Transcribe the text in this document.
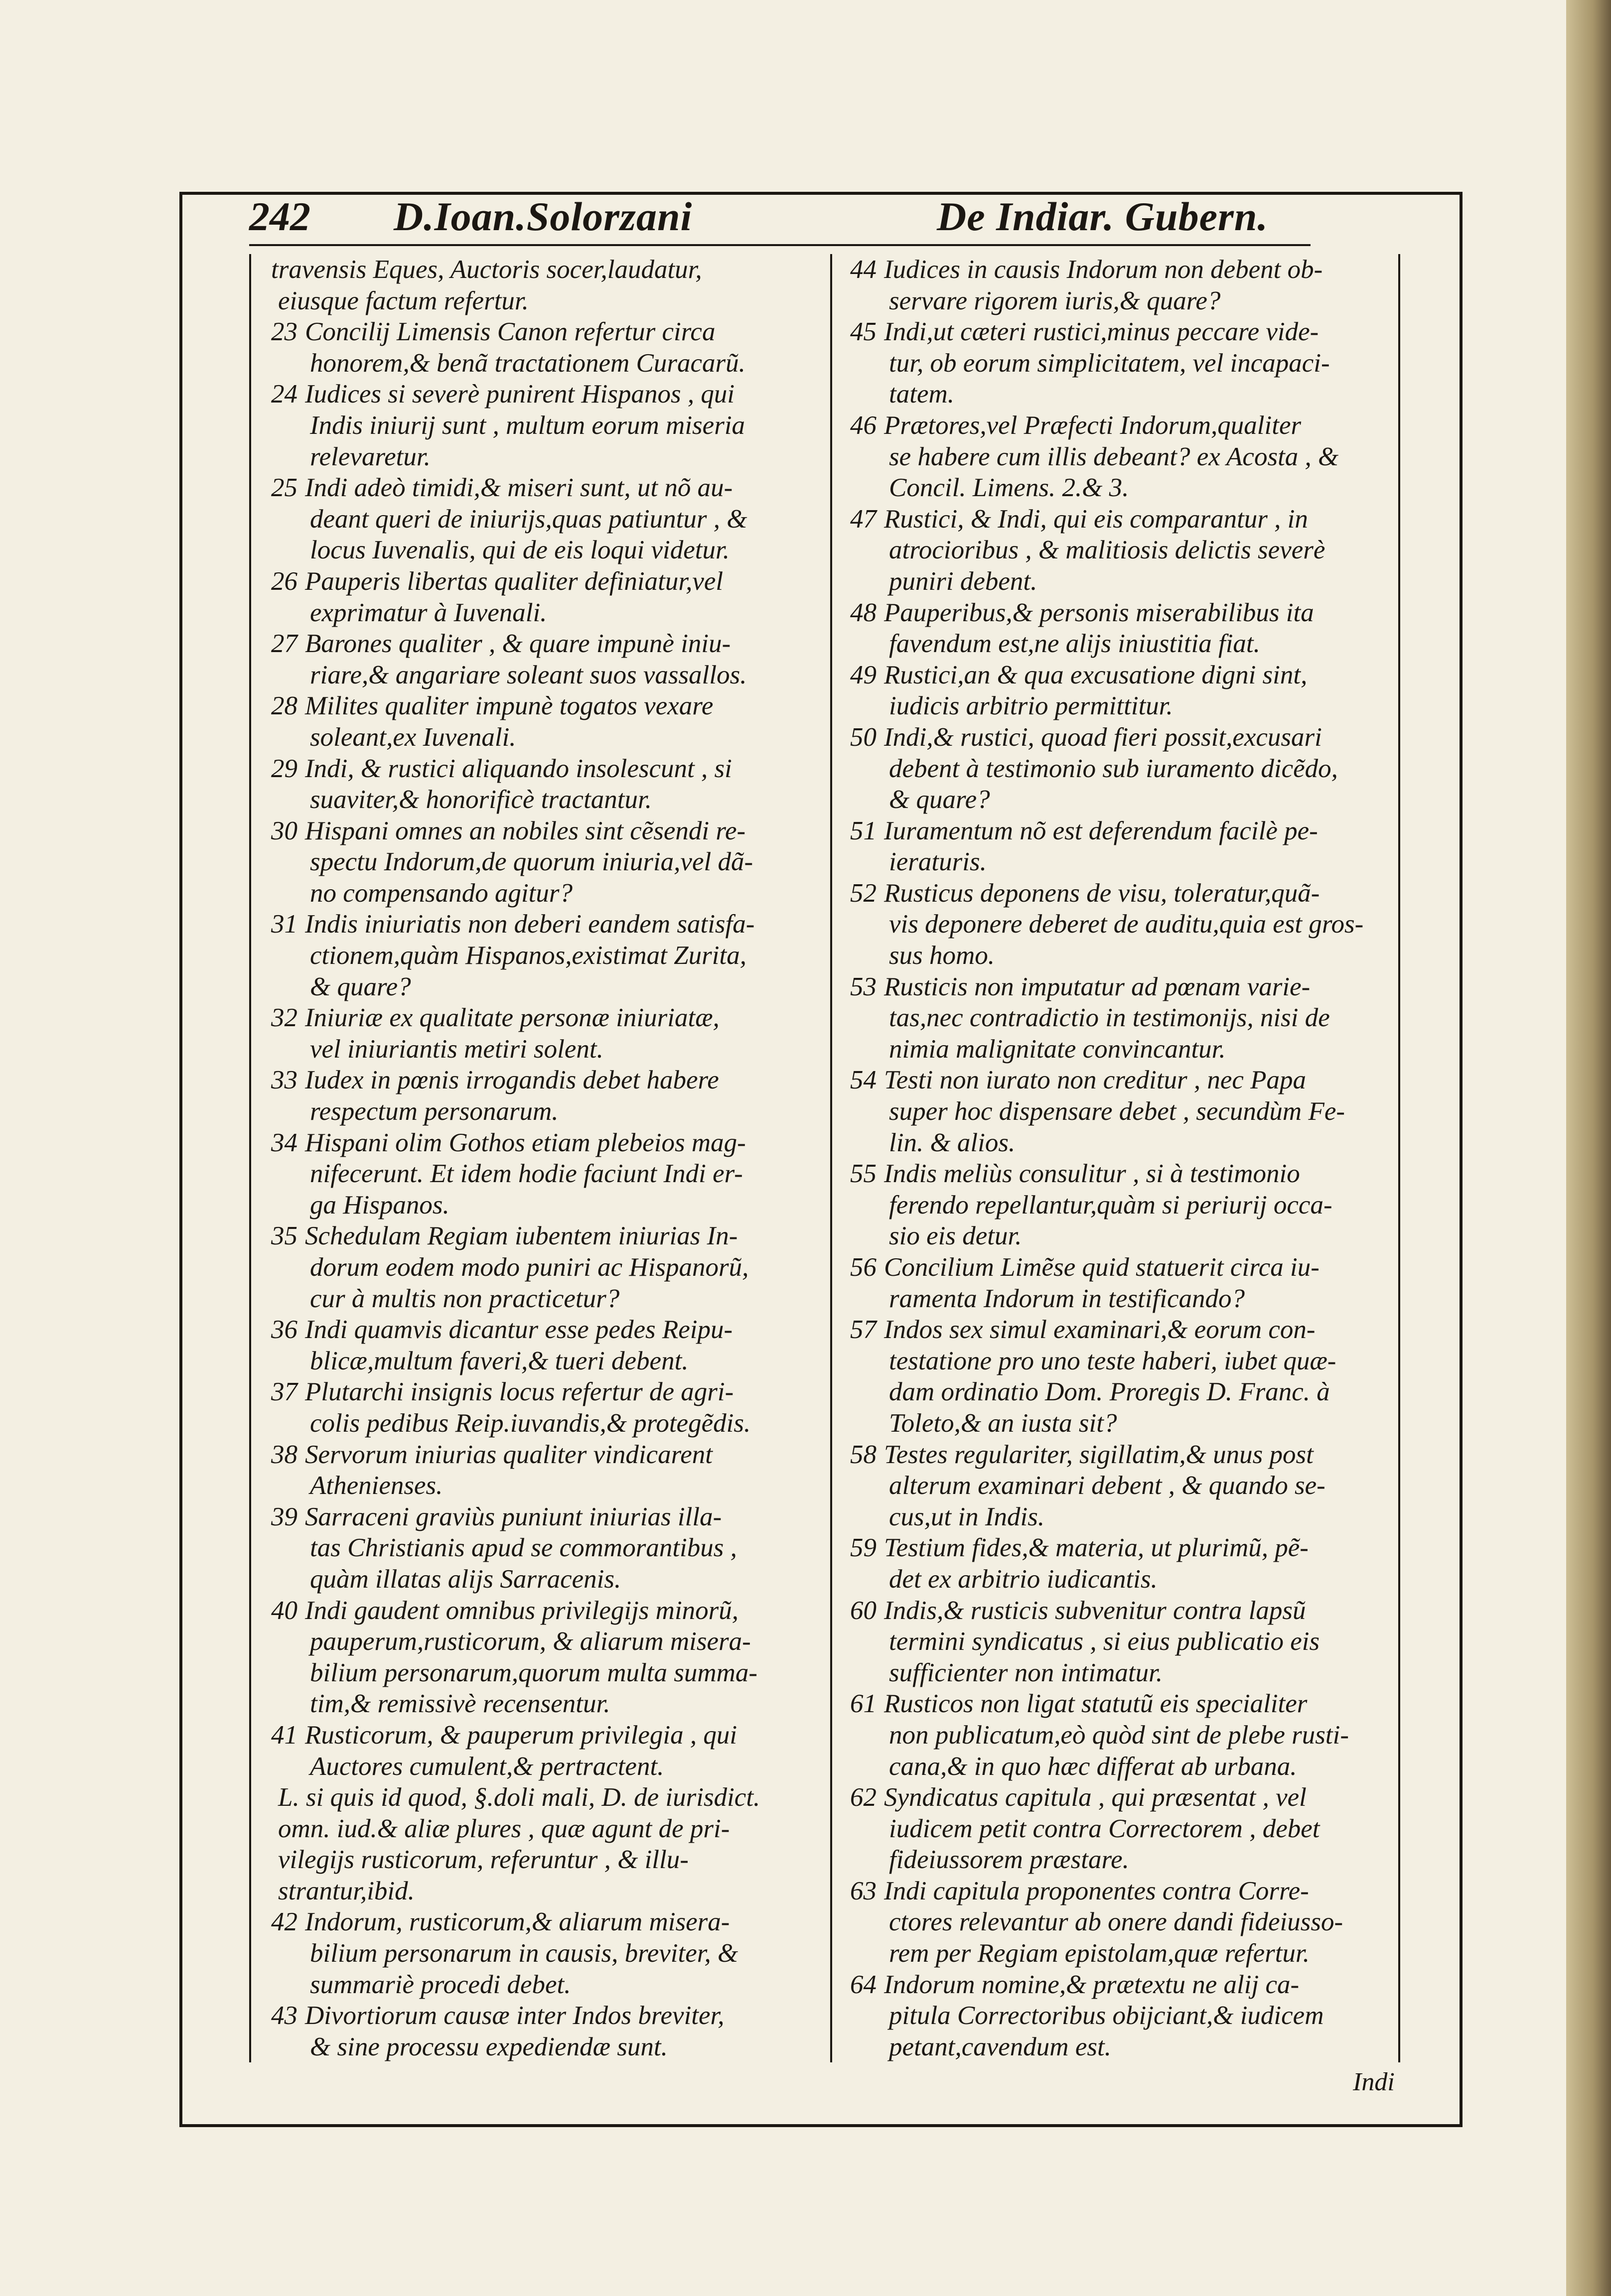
242 D.Ioan.Solorzani	De Indiar. Gubern.
travensis Eques, Auctoris socer,laudatur,
eiusque factum refertur.
23 Concilij Limensis Canon refertur circa
honorem,& benã tractationem Curacarũ.
24 Iudices si severè punirent Hispanos , qui
Indis iniurij sunt , multum eorum miseria
relevaretur.
25 Indi adeò timidi,& miseri sunt, ut nõ au-
deant queri de iniurijs,quas patiuntur , &
locus Iuvenalis, qui de eis loqui videtur.
26 Pauperis libertas qualiter definiatur,vel
exprimatur à Iuvenali.
27 Barones qualiter , & quare impunè iniu-
riare,& angariare soleant suos vassallos.
28 Milites qualiter impunè togatos vexare
soleant,ex Iuvenali.
29 Indi, & rustici aliquando insolescunt , si
suaviter,& honorificè tractantur.
30 Hispani omnes an nobiles sint cẽsendi re-
spectu Indorum,de quorum iniuria,vel dã-
no compensando agitur?
31 Indis iniuriatis non deberi eandem satisfa-
ctionem,quàm Hispanos,existimat Zurita,
& quare?
32 Iniuriæ ex qualitate personæ iniuriatæ,
vel iniuriantis metiri solent.
33 Iudex in pœnis irrogandis debet habere
respectum personarum.
34 Hispani olim Gothos etiam plebeios mag-
nifecerunt. Et idem hodie faciunt Indi er-
ga Hispanos.
35 Schedulam Regiam iubentem iniurias In-
dorum eodem modo puniri ac Hispanorũ,
cur à multis non practicetur?
36 Indi quamvis dicantur esse pedes Reipu-
blicæ,multum faveri,& tueri debent.
37 Plutarchi insignis locus refertur de agri-
colis pedibus Reip.iuvandis,& protegẽdis.
38 Servorum iniurias qualiter vindicarent
Athenienses.
39 Sarraceni graviùs puniunt iniurias illa-
tas Christianis apud se commorantibus ,
quàm illatas alijs Sarracenis.
40 Indi gaudent omnibus privilegijs minorũ,
pauperum,rusticorum, & aliarum misera-
bilium personarum,quorum multa summa-
tim,& remissivè recensentur.
41 Rusticorum, & pauperum privilegia , qui
Auctores cumulent,& pertractent.
L. si quis id quod, §.doli mali, D. de iurisdict.
omn. iud.& aliæ plures , quæ agunt de pri-
vilegijs rusticorum, referuntur , & illu-
strantur,ibid.
42 Indorum, rusticorum,& aliarum misera-
bilium personarum in causis, breviter, &
summariè procedi debet.
43 Divortiorum causæ inter Indos breviter,
& sine processu expediendæ sunt.
44 Iudices in causis Indorum non debent ob-
servare rigorem iuris,& quare?
45 Indi,ut cæteri rustici,minus peccare vide-
tur, ob eorum simplicitatem, vel incapaci-
tatem.
46 Prætores,vel Præfecti Indorum,qualiter
se habere cum illis debeant? ex Acosta , &
Concil. Limens. 2.& 3.
47 Rustici, & Indi, qui eis comparantur , in
atrocioribus , & malitiosis delictis severè
puniri debent.
48 Pauperibus,& personis miserabilibus ita
favendum est,ne alijs iniustitia fiat.
49 Rustici,an & qua excusatione digni sint,
iudicis arbitrio permittitur.
50 Indi,& rustici, quoad fieri possit,excusari
debent à testimonio sub iuramento dicẽdo,
& quare?
51 Iuramentum nõ est deferendum facilè pe-
ieraturis.
52 Rusticus deponens de visu, toleratur,quã-
vis deponere deberet de auditu,quia est gros-
sus homo.
53 Rusticis non imputatur ad pœnam varie-
tas,nec contradictio in testimonijs, nisi de
nimia malignitate convincantur.
54 Testi non iurato non creditur , nec Papa
super hoc dispensare debet , secundùm Fe-
lin. & alios.
55 Indis meliùs consulitur , si à testimonio
ferendo repellantur,quàm si periurij occa-
sio eis detur.
56 Concilium Limẽse quid statuerit circa iu-
ramenta Indorum in testificando?
57 Indos sex simul examinari,& eorum con-
testatione pro uno teste haberi, iubet quæ-
dam ordinatio Dom. Proregis D. Franc. à
Toleto,& an iusta sit?
58 Testes regulariter, sigillatim,& unus post
alterum examinari debent , & quando se-
cus,ut in Indis.
59 Testium fides,& materia, ut plurimũ, pẽ-
det ex arbitrio iudicantis.
60 Indis,& rusticis subvenitur contra lapsũ
termini syndicatus , si eius publicatio eis
sufficienter non intimatur.
61 Rusticos non ligat statutũ eis specialiter
non publicatum,eò quòd sint de plebe rusti-
cana,& in quo hæc differat ab urbana.
62 Syndicatus capitula , qui præsentat , vel
iudicem petit contra Correctorem , debet
fideiussorem præstare.
63 Indi capitula proponentes contra Corre-
ctores relevantur ab onere dandi fideiusso-
rem per Regiam epistolam,quæ refertur.
64 Indorum nomine,& prætextu ne alij ca-
pitula Correctoribus obijciant,& iudicem
petant,cavendum est.
Indi
